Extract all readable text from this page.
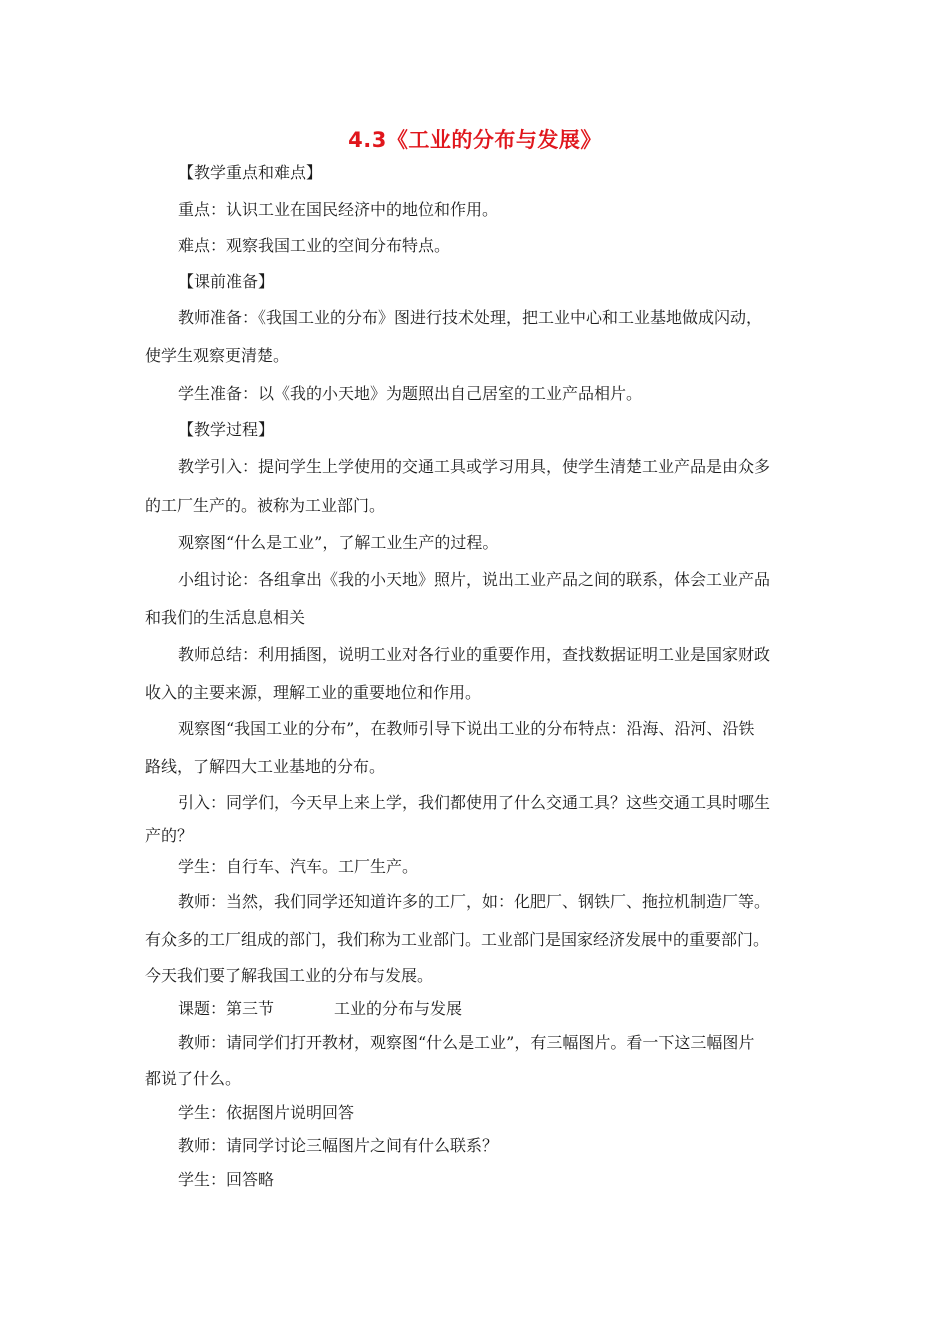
4.3《工业的分布与发展》
【教学重点和难点】
重点：认识工业在国民经济中的地位和作用。
难点：观察我国工业的空间分布特点。
【课前准备】
教师准备：《我国工业的分布》图进行技术处理，把工业中心和工业基地做成闪动，
使学生观察更清楚。
学生准备：以《我的小天地》为题照出自己居室的工业产品相片。
【教学过程】
教学引入：提问学生上学使用的交通工具或学习用具，使学生清楚工业产品是由众多
的工厂生产的。被称为工业部门。
观察图“什么是工业”，了解工业生产的过程。
小组讨论：各组拿出《我的小天地》照片，说出工业产品之间的联系，体会工业产品
和我们的生活息息相关
教师总结：利用插图，说明工业对各行业的重要作用，查找数据证明工业是国家财政
收入的主要来源，理解工业的重要地位和作用。
观察图“我国工业的分布”，在教师引导下说出工业的分布特点：沿海、沿河、沿铁
路线，了解四大工业基地的分布。
引入：同学们，今天早上来上学，我们都使用了什么交通工具？这些交通工具时哪生
产的？
学生：自行车、汽车。工厂生产。
教师：当然，我们同学还知道许多的工厂，如：化肥厂、钢铁厂、拖拉机制造厂等。
有众多的工厂组成的部门，我们称为工业部门。工业部门是国家经济发展中的重要部门。
今天我们要了解我国工业的分布与发展。
课题：第三节	工业的分布与发展
教师：请同学们打开教材，观察图“什么是工业”，有三幅图片。看一下这三幅图片
都说了什么。
学生：依据图片说明回答
教师：请同学讨论三幅图片之间有什么联系？
学生：回答略
